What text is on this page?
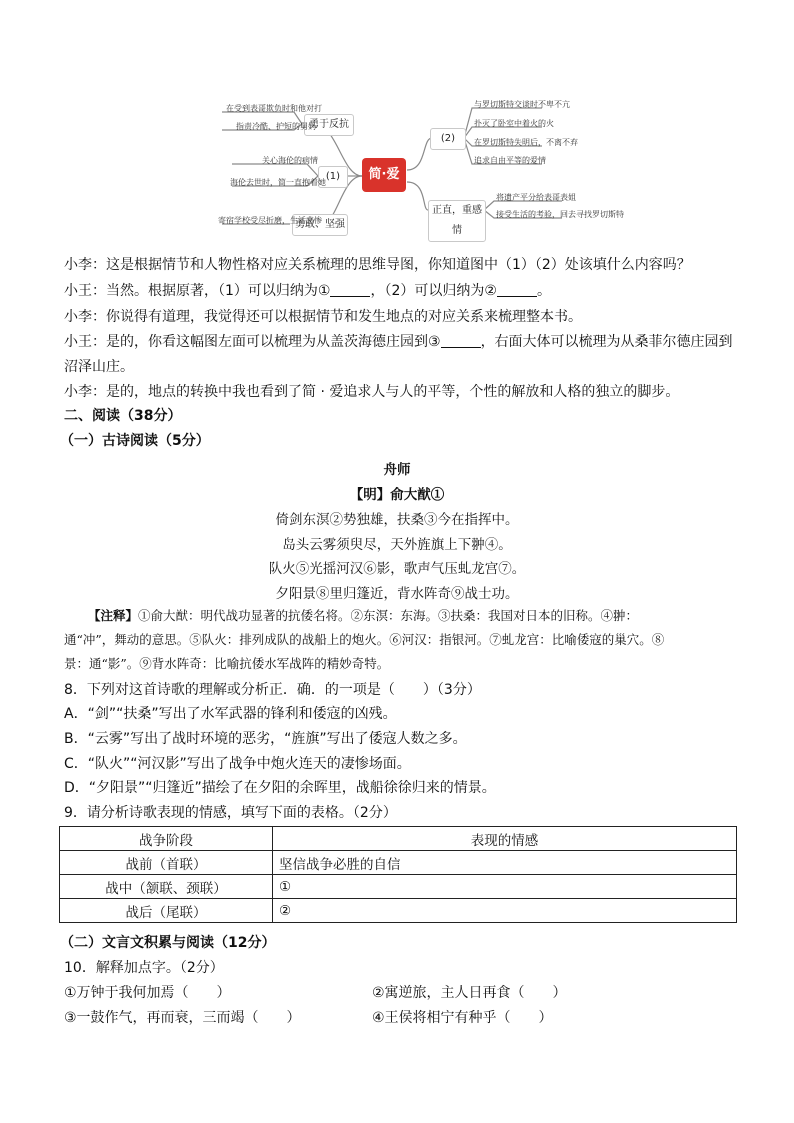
简·爱
勇于反抗
(1)
勇敢、坚强
(2)
正直，重感情
在受到表哥欺负时和他对打
指责冷酷、护短的舅妈
关心海伦的病情
海伦去世时，简一直抱着她
寄宿学校受尽折磨，生活悲惨
与罗切斯特交谈时不卑不亢
扑灭了卧室中着火的火
在罗切斯特失明后，不离不弃
追求自由平等的爱情
将遗产平分给表哥表姐
接受生活的考验，回去寻找罗切斯特
小李：这是根据情节和人物性格对应关系梳理的思维导图，你知道图中（1）（2）处该填什么内容吗？
小王：当然。根据原著，（1）可以归纳为①	，（2）可以归纳为②	。
小李：你说得有道理，我觉得还可以根据情节和发生地点的对应关系来梳理整本书。
小王：是的，你看这幅图左面可以梳理为从盖茨海德庄园到③	，右面大体可以梳理为从桑菲尔德庄园到
沼泽山庄。
小李：是的，地点的转换中我也看到了简 · 爱追求人与人的平等，个性的解放和人格的独立的脚步。
二、阅读（38分）
（一）古诗阅读（5分）
舟师
【明】俞大猷①
倚剑东溟②势独雄，扶桑③今在指挥中。
岛头云雾须臾尽，天外旌旗上下翀④。
队火⑤光摇河汉⑥影，歌声气压虬龙宫⑦。
夕阳景⑧里归篷近，背水阵奇⑨战士功。
【注释】①俞大猷：明代战功显著的抗倭名将。②东溟：东海。③扶桑：我国对日本的旧称。④翀：
通“冲”，舞动的意思。⑤队火：排列成队的战船上的炮火。⑥河汉：指银河。⑦虬龙宫：比喻倭寇的巢穴。⑧
景：通“影”。⑨背水阵奇：比喻抗倭水军战阵的精妙奇特。
8．下列对这首诗歌的理解或分析正．确．的一项是（　　）（3分）
A．“剑”“扶桑”写出了水军武器的锋利和倭寇的凶残。
B．“云雾”写出了战时环境的恶劣，“旌旗”写出了倭寇人数之多。
C．“队火”“河汉影”写出了战争中炮火连天的凄惨场面。
D．“夕阳景”“归篷近”描绘了在夕阳的余晖里，战船徐徐归来的情景。
9．请分析诗歌表现的情感，填写下面的表格。（2分）
战争阶段	表现的情感
战前（首联）	坚信战争必胜的自信
战中（颔联、颈联）	①
战后（尾联）	②
（二）文言文积累与阅读（12分）
10．解释加点字。（2分）
①万钟于我何加焉（　　）	②寓逆旅，主人日再食（　　）
③一鼓作气，再而衰，三而竭（　　）	④王侯将相宁有种乎（　　）
